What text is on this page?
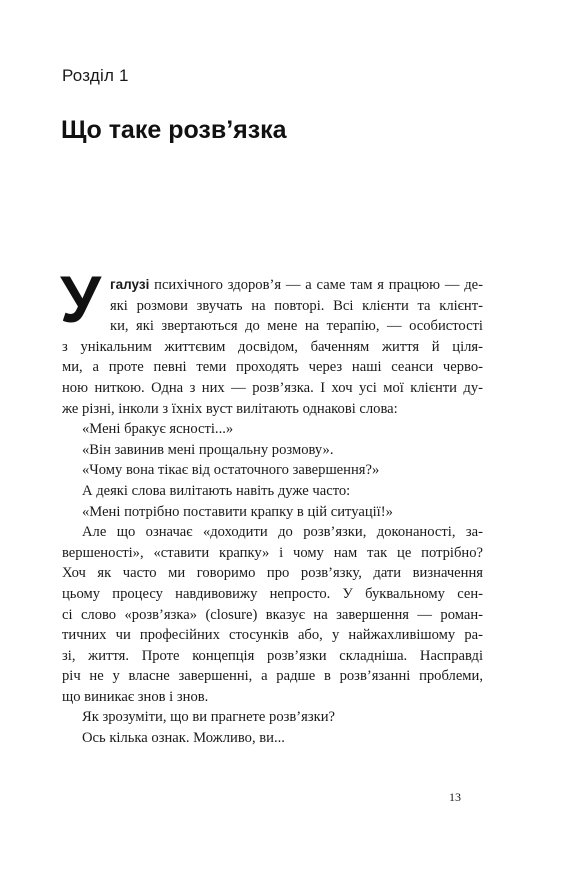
Розділ 1
Що таке розв’язка
У галузі психічного здоров’я — а саме там я працюю — де-
які розмови звучать на повторі. Всі клієнти та клієнт-
ки, які звертаються до мене на терапію, — особистості
з унікальним життєвим досвідом, баченням життя й ціля-
ми, а проте певні теми проходять через наші сеанси черво-
ною ниткою. Одна з них — розв’язка. І хоч усі мої клієнти ду-
же різні, інколи з їхніх вуст вилітають однакові слова:
«Мені бракує ясності...»
«Він завинив мені прощальну розмову».
«Чому вона тікає від остаточного завершення?»
А деякі слова вилітають навіть дуже часто:
«Мені потрібно поставити крапку в цій ситуації!»
Але що означає «доходити до розв’язки, доконаності, за-
вершеності», «ставити крапку» і чому нам так це потрібно?
Хоч як часто ми говоримо про розв’язку, дати визначення
цьому процесу навдивовижу непросто. У буквальному сен-
сі слово «розв’язка» (closure) вказує на завершення — роман-
тичних чи професійних стосунків або, у найжахливішому ра-
зі, життя. Проте концепція розв’язки складніша. Насправді
річ не у власне завершенні, а радше в розв’язанні проблеми,
що виникає знов і знов.
Як зрозуміти, що ви прагнете розв’язки?
Ось кілька ознак. Можливо, ви...
13
